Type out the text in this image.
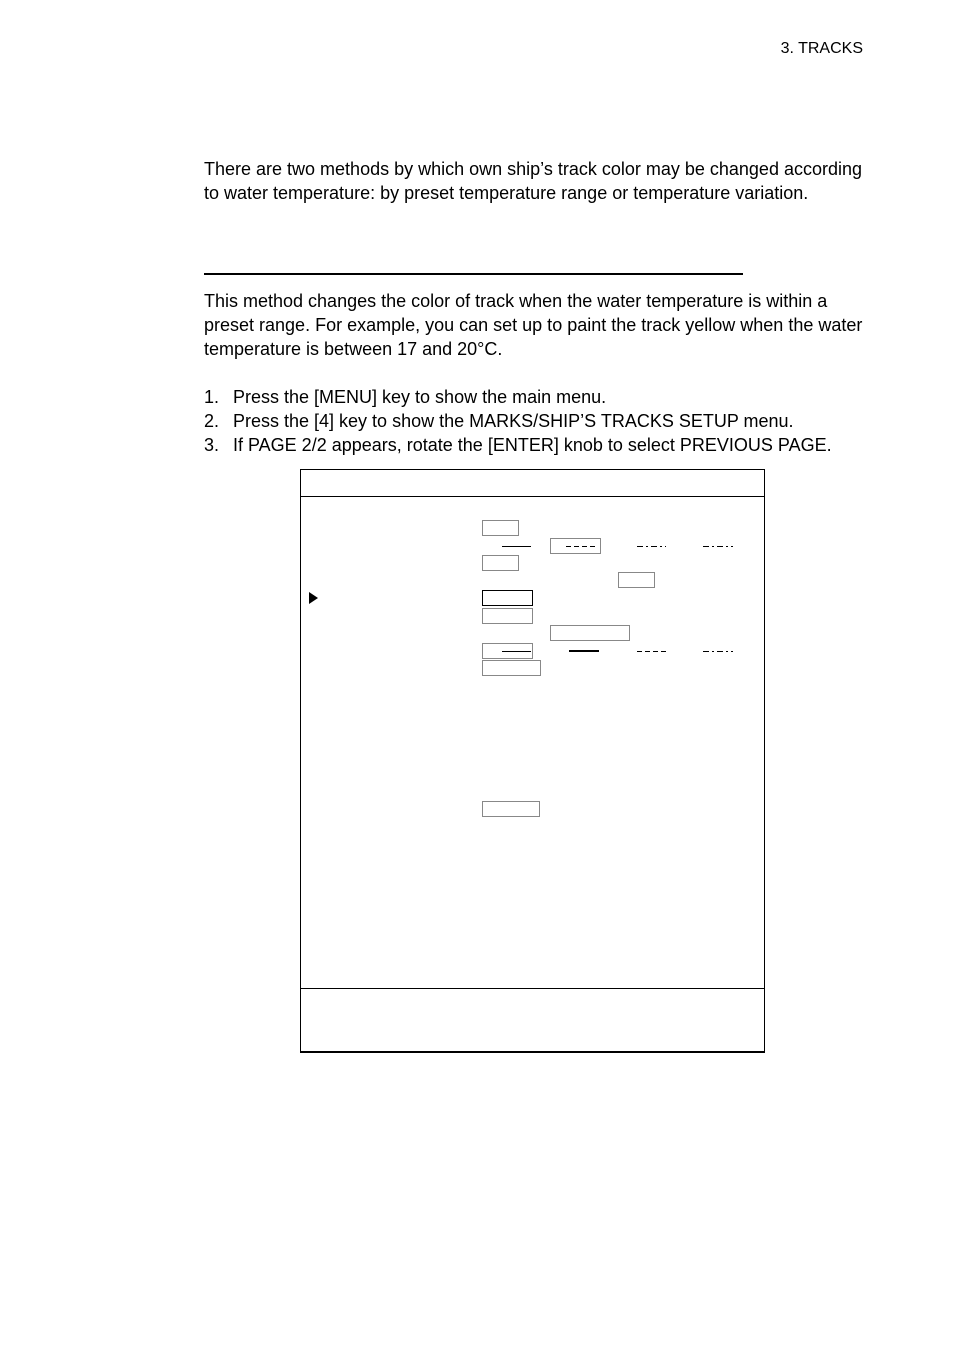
3. TRACKS
There are two methods by which own ship’s track color may be changed according to water temperature: by preset temperature range or temperature variation.
This method changes the color of track when the water temperature is within a preset range. For example, you can set up to paint the track yellow when the water temperature is between 17 and 20°C.
1. Press the [MENU] key to show the main menu.
2. Press the [4] key to show the MARKS/SHIP’S TRACKS SETUP menu.
3. If PAGE 2/2 appears, rotate the [ENTER] knob to select PREVIOUS PAGE.
